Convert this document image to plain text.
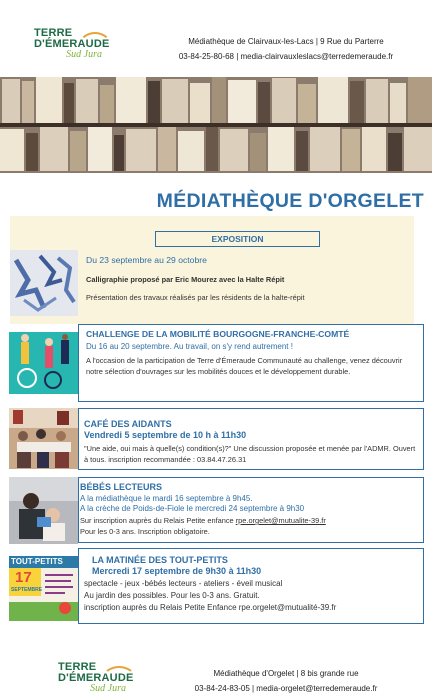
TERRE
D'ÉMERAUDE
Sud Jura
Médiathèque de Clairvaux-les-Lacs | 9 Rue du Parterre
03-84-25-80-68 | media-clairvauxleslacs@terredemeraude.fr
MÉDIATHÈQUE D'ORGELET
EXPOSITION
Du 23 septembre au 29 octobre
Calligraphie proposé par Eric Mourez avec la Halte Répit
Présentation des travaux réalisés par les résidents de la halte-répit
CHALLENGE DE LA MOBILITÉ BOURGOGNE-FRANCHE-COMTÉ
Du 16 au 20 septembre. Au travail, on s'y rend autrement !
A l'occasion de la participation de Terre d'Émeraude Communauté au challenge, venez découvrir notre sélection d'ouvrages sur les mobilités douces et le développement durable.
CAFÉ DES AIDANTS
Vendredi 5 septembre de 10 h à 11h30
"Une aide, oui mais à quelle(s) condition(s)?" Une discussion proposée et menée par l'ADMR. Ouvert à tous. inscription recommandée : 03.84.47.26.31
BÉBÉS LECTEURS
A la médiathèque le mardi 16 septembre à 9h45.
A la crèche de Poids-de-Fiole le mercredi 24 septembre à 9h30
Sur inscription auprès du Relais Petite enfance rpe.orgelet@mutualite-39.fr
Pour les 0-3 ans. Inscription obligatoire.
TOUT-PETITS
17
SEPTEMBRE
LA MATINÉE DES TOUT-PETITS
Mercredi 17 septembre de 9h30 à 11h30
spectacle - jeux -bébés lecteurs - ateliers - éveil musical
Au jardin des possibles. Pour les 0-3 ans. Gratuit.
inscription auprès du Relais Petite Enfance rpe.orgelet@mutualité-39.fr
TERRE
D'ÉMERAUDE
Sud Jura
Médiathèque d'Orgelet | 8 bis grande rue
03-84-24-83-05 | media-orgelet@terredemeraude.fr
